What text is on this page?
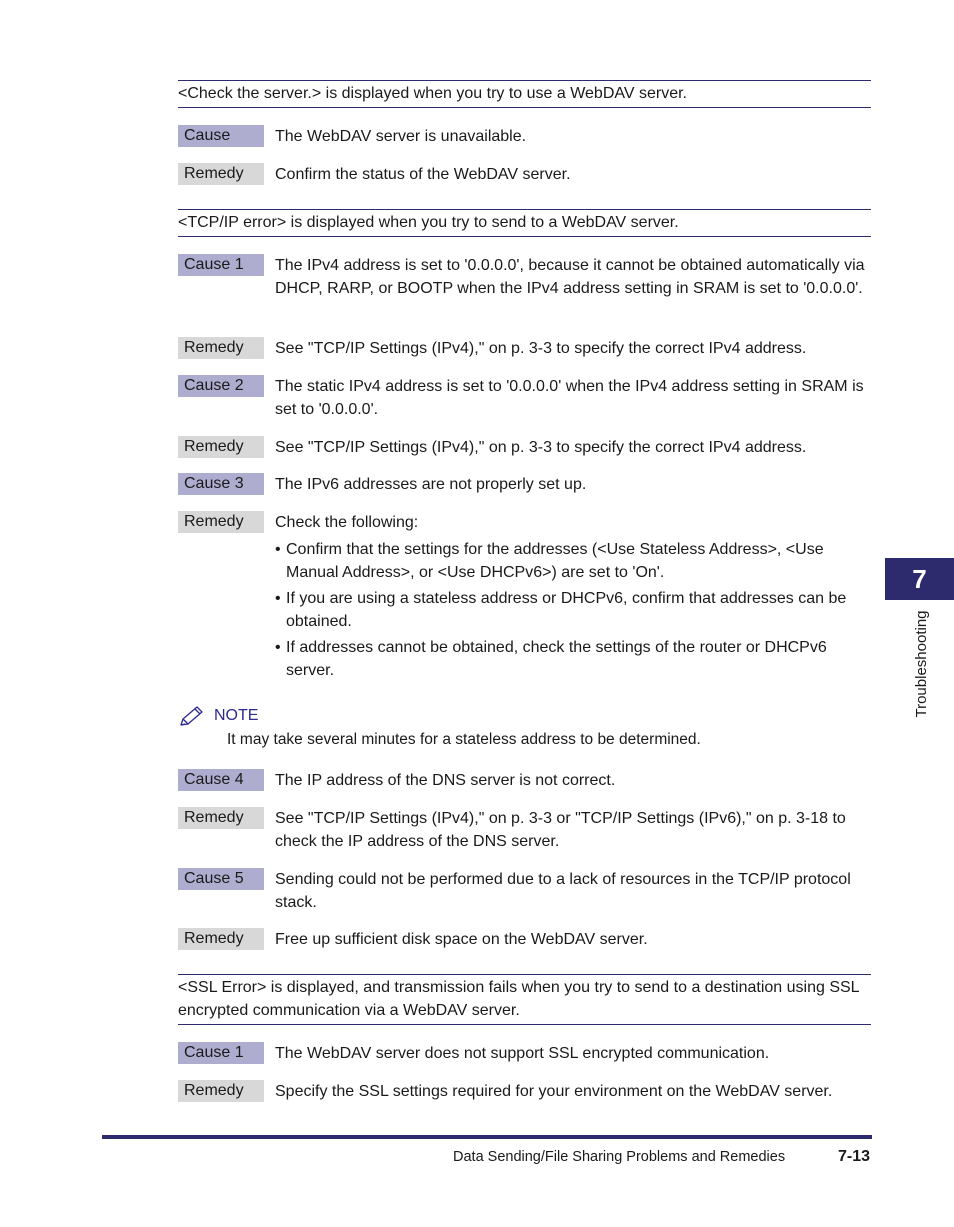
<Check the server.> is displayed when you try to use a WebDAV server.
Cause	The WebDAV server is unavailable.
Remedy	Confirm the status of the WebDAV server.
<TCP/IP error> is displayed when you try to send to a WebDAV server.
Cause 1	The IPv4 address is set to '0.0.0.0', because it cannot be obtained automatically via DHCP, RARP, or BOOTP when the IPv4 address setting in SRAM is set to '0.0.0.0'.
Remedy	See "TCP/IP Settings (IPv4)," on p. 3-3 to specify the correct IPv4 address.
Cause 2	The static IPv4 address is set to '0.0.0.0' when the IPv4 address setting in SRAM is set to '0.0.0.0'.
Remedy	See "TCP/IP Settings (IPv4)," on p. 3-3 to specify the correct IPv4 address.
Cause 3	The IPv6 addresses are not properly set up.
Remedy	Check the following:
• Confirm that the settings for the addresses (<Use Stateless Address>, <Use Manual Address>, or <Use DHCPv6>) are set to 'On'.
• If you are using a stateless address or DHCPv6, confirm that addresses can be obtained.
• If addresses cannot be obtained, check the settings of the router or DHCPv6 server.
NOTE
It may take several minutes for a stateless address to be determined.
Cause 4	The IP address of the DNS server is not correct.
Remedy	See "TCP/IP Settings (IPv4)," on p. 3-3 or "TCP/IP Settings (IPv6)," on p. 3-18 to check the IP address of the DNS server.
Cause 5	Sending could not be performed due to a lack of resources in the TCP/IP protocol stack.
Remedy	Free up sufficient disk space on the WebDAV server.
<SSL Error> is displayed, and transmission fails when you try to send to a destination using SSL encrypted communication via a WebDAV server.
Cause 1	The WebDAV server does not support SSL encrypted communication.
Remedy	Specify the SSL settings required for your environment on the WebDAV server.
Data Sending/File Sharing Problems and Remedies	7-13
7
Troubleshooting
